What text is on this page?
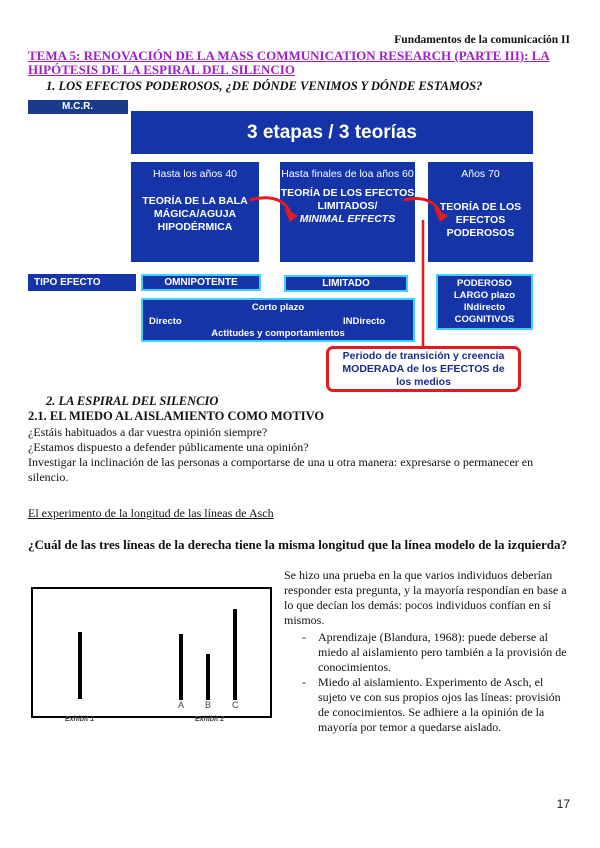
Fundamentos de la comunicación II
TEMA 5: RENOVACIÓN DE LA MASS COMMUNICATION RESEARCH (PARTE III): LA HIPÓTESIS DE LA ESPIRAL DEL SILENCIO
1. LOS EFECTOS PODEROSOS, ¿DE DÓNDE VENIMOS Y DÓNDE ESTAMOS?
M.C.R.
3 etapas / 3 teorías
Hasta los años 40
TEORÍA DE LA BALA MÁGICA/AGUJA HIPODÉRMICA
Hasta finales de loa años 60
TEORÍA DE LOS EFECTOS LIMITADOS/
MINIMAL EFFECTS
Años 70
TEORÍA DE LOS EFECTOS PODEROSOS
TIPO EFECTO	OMNIPOTENTE	LIMITADO	PODEROSO
LARGO plazo
INdirecto
COGNITIVOS
Corto plazo
Directo	INDirecto
Actitudes y comportamientos
Periodo de transición y creencia MODERADA de los EFECTOS de los medios
2. LA ESPIRAL DEL SILENCIO
2.1. EL MIEDO AL AISLAMIENTO COMO MOTIVO
¿Estáis habituados a dar vuestra opinión siempre?
¿Estamos dispuesto a defender públicamente una opinión?
Investigar la inclinación de las personas a comportarse de una u otra manera: expresarse o permanecer en silencio.
El experimento de la longitud de las líneas de Asch
¿Cuál de las tres líneas de la derecha tiene la misma longitud que la línea modelo de la izquierda?
A B C
Exhibit 1	Exhibit 2
Se hizo una prueba en la que varios individuos deberían responder esta pregunta, y la mayoría respondían en base a lo que decían los demás: pocos individuos confían en sí mismos.
- Aprendizaje (Blandura, 1968): puede deberse al miedo al aislamiento pero también a la provisión de conocimientos.
- Miedo al aislamiento. Experimento de Asch, el sujeto ve con sus propios ojos las líneas: provisión de conocimientos. Se adhiere a la opinión de la mayoría por temor a quedarse aislado.
17
